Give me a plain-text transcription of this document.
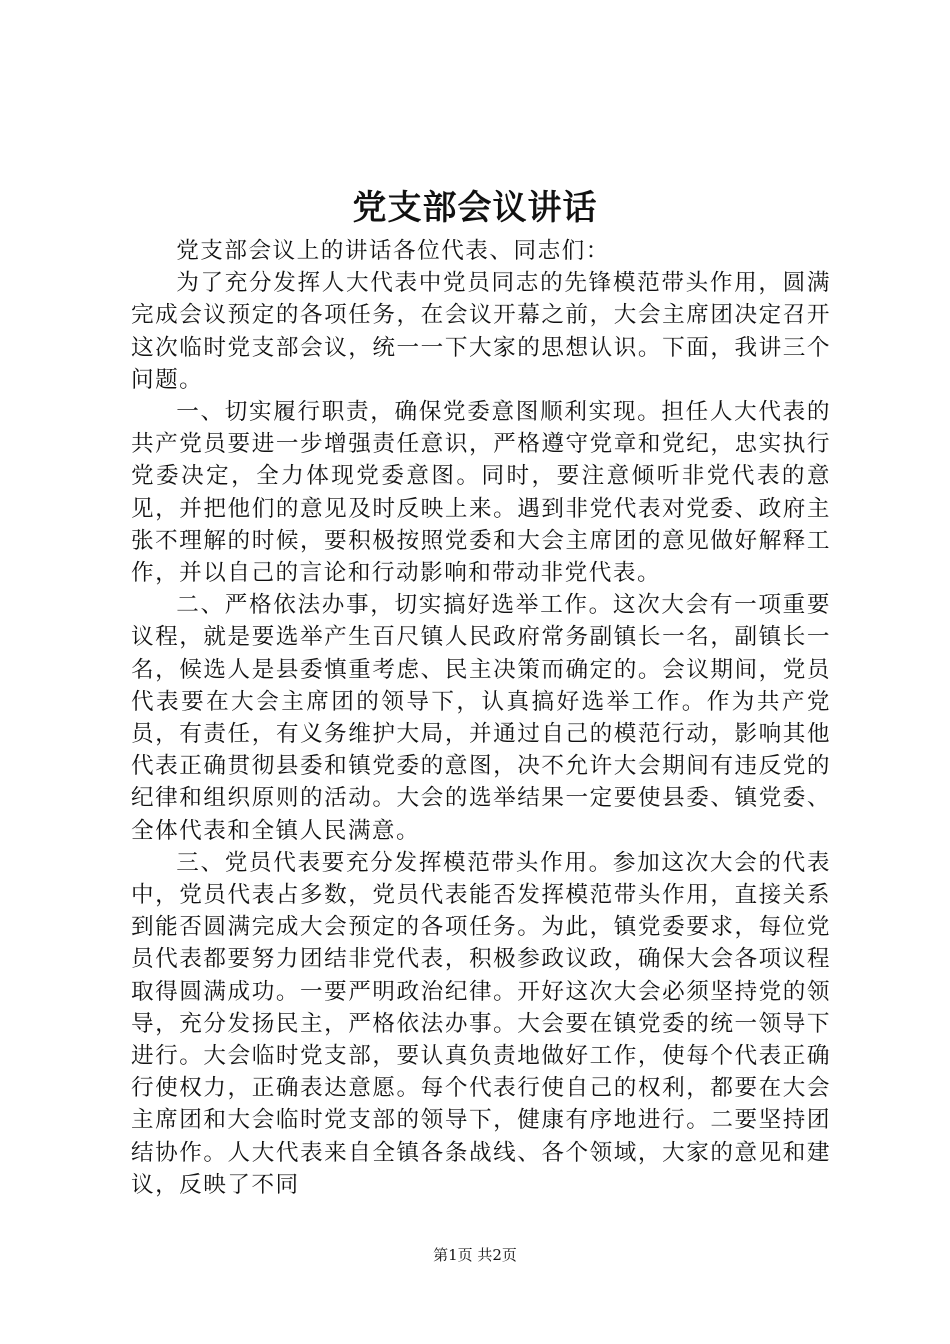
党支部会议讲话

党支部会议上的讲话各位代表、同志们：

为了充分发挥人大代表中党员同志的先锋模范带头作用，圆满完成会议预定的各项任务，在会议开幕之前，大会主席团决定召开这次临时党支部会议，统一一下大家的思想认识。下面，我讲三个问题。

一、切实履行职责，确保党委意图顺利实现。担任人大代表的共产党员要进一步增强责任意识，严格遵守党章和党纪，忠实执行党委决定，全力体现党委意图。同时，要注意倾听非党代表的意见，并把他们的意见及时反映上来。遇到非党代表对党委、政府主张不理解的时候，要积极按照党委和大会主席团的意见做好解释工作，并以自己的言论和行动影响和带动非党代表。

二、严格依法办事，切实搞好选举工作。这次大会有一项重要议程，就是要选举产生百尺镇人民政府常务副镇长一名，副镇长一名，候选人是县委慎重考虑、民主决策而确定的。会议期间，党员代表要在大会主席团的领导下，认真搞好选举工作。作为共产党员，有责任，有义务维护大局，并通过自己的模范行动，影响其他代表正确贯彻县委和镇党委的意图，决不允许大会期间有违反党的纪律和组织原则的活动。大会的选举结果一定要使县委、镇党委、全体代表和全镇人民满意。

三、党员代表要充分发挥模范带头作用。参加这次大会的代表中，党员代表占多数，党员代表能否发挥模范带头作用，直接关系到能否圆满完成大会预定的各项任务。为此，镇党委要求，每位党员代表都要努力团结非党代表，积极参政议政，确保大会各项议程取得圆满成功。一要严明政治纪律。开好这次大会必须坚持党的领导，充分发扬民主，严格依法办事。大会要在镇党委的统一领导下进行。大会临时党支部，要认真负责地做好工作，使每个代表正确行使权力，正确表达意愿。每个代表行使自己的权利，都要在大会主席团和大会临时党支部的领导下，健康有序地进行。二要坚持团结协作。人大代表来自全镇各条战线、各个领域，大家的意见和建议，反映了不同

第1页 共2页
